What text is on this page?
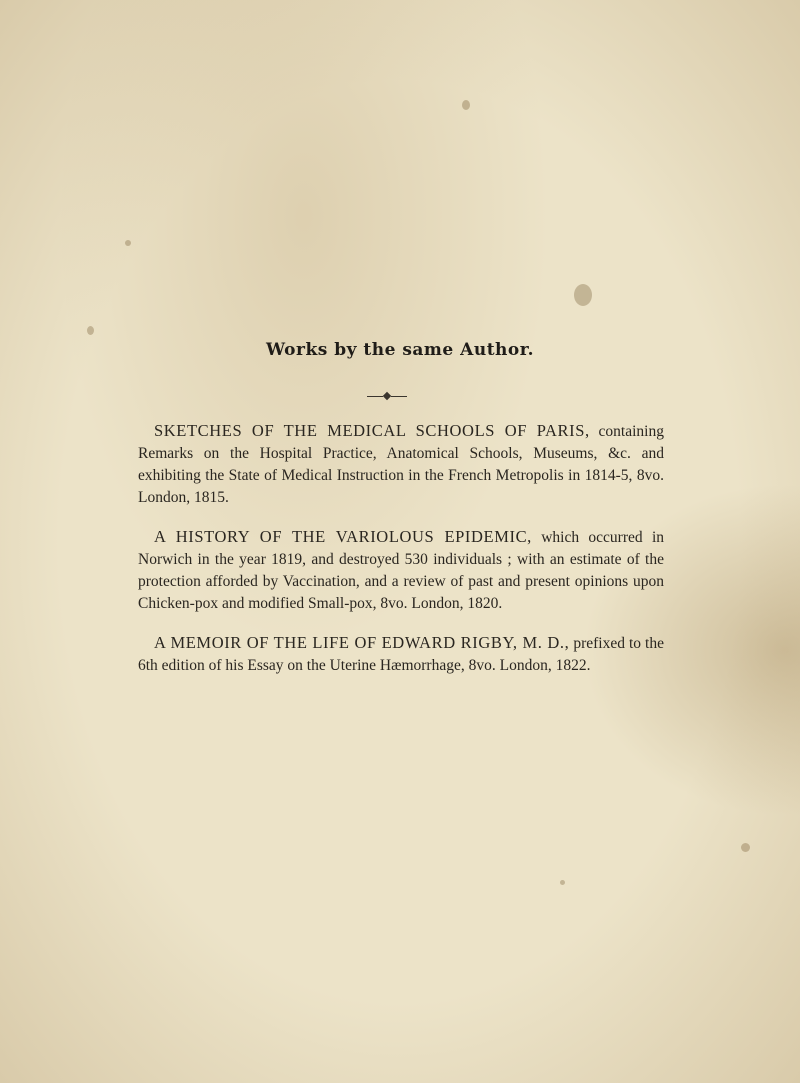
Works by the same Author.

SKETCHES OF THE MEDICAL SCHOOLS OF PARIS, containing Remarks on the Hospital Practice, Anatomical Schools, Museums, &c. and exhibiting the State of Medical Instruction in the French Metropolis in 1814-5, 8vo. London, 1815.

A HISTORY OF THE VARIOLOUS EPIDEMIC, which occurred in Norwich in the year 1819, and destroyed 530 individuals ; with an estimate of the protection afforded by Vaccination, and a review of past and present opinions upon Chicken-pox and modified Small-pox, 8vo. London, 1820.

A MEMOIR OF THE LIFE OF EDWARD RIGBY, M. D., prefixed to the 6th edition of his Essay on the Uterine Hæmorrhage, 8vo. London, 1822.
